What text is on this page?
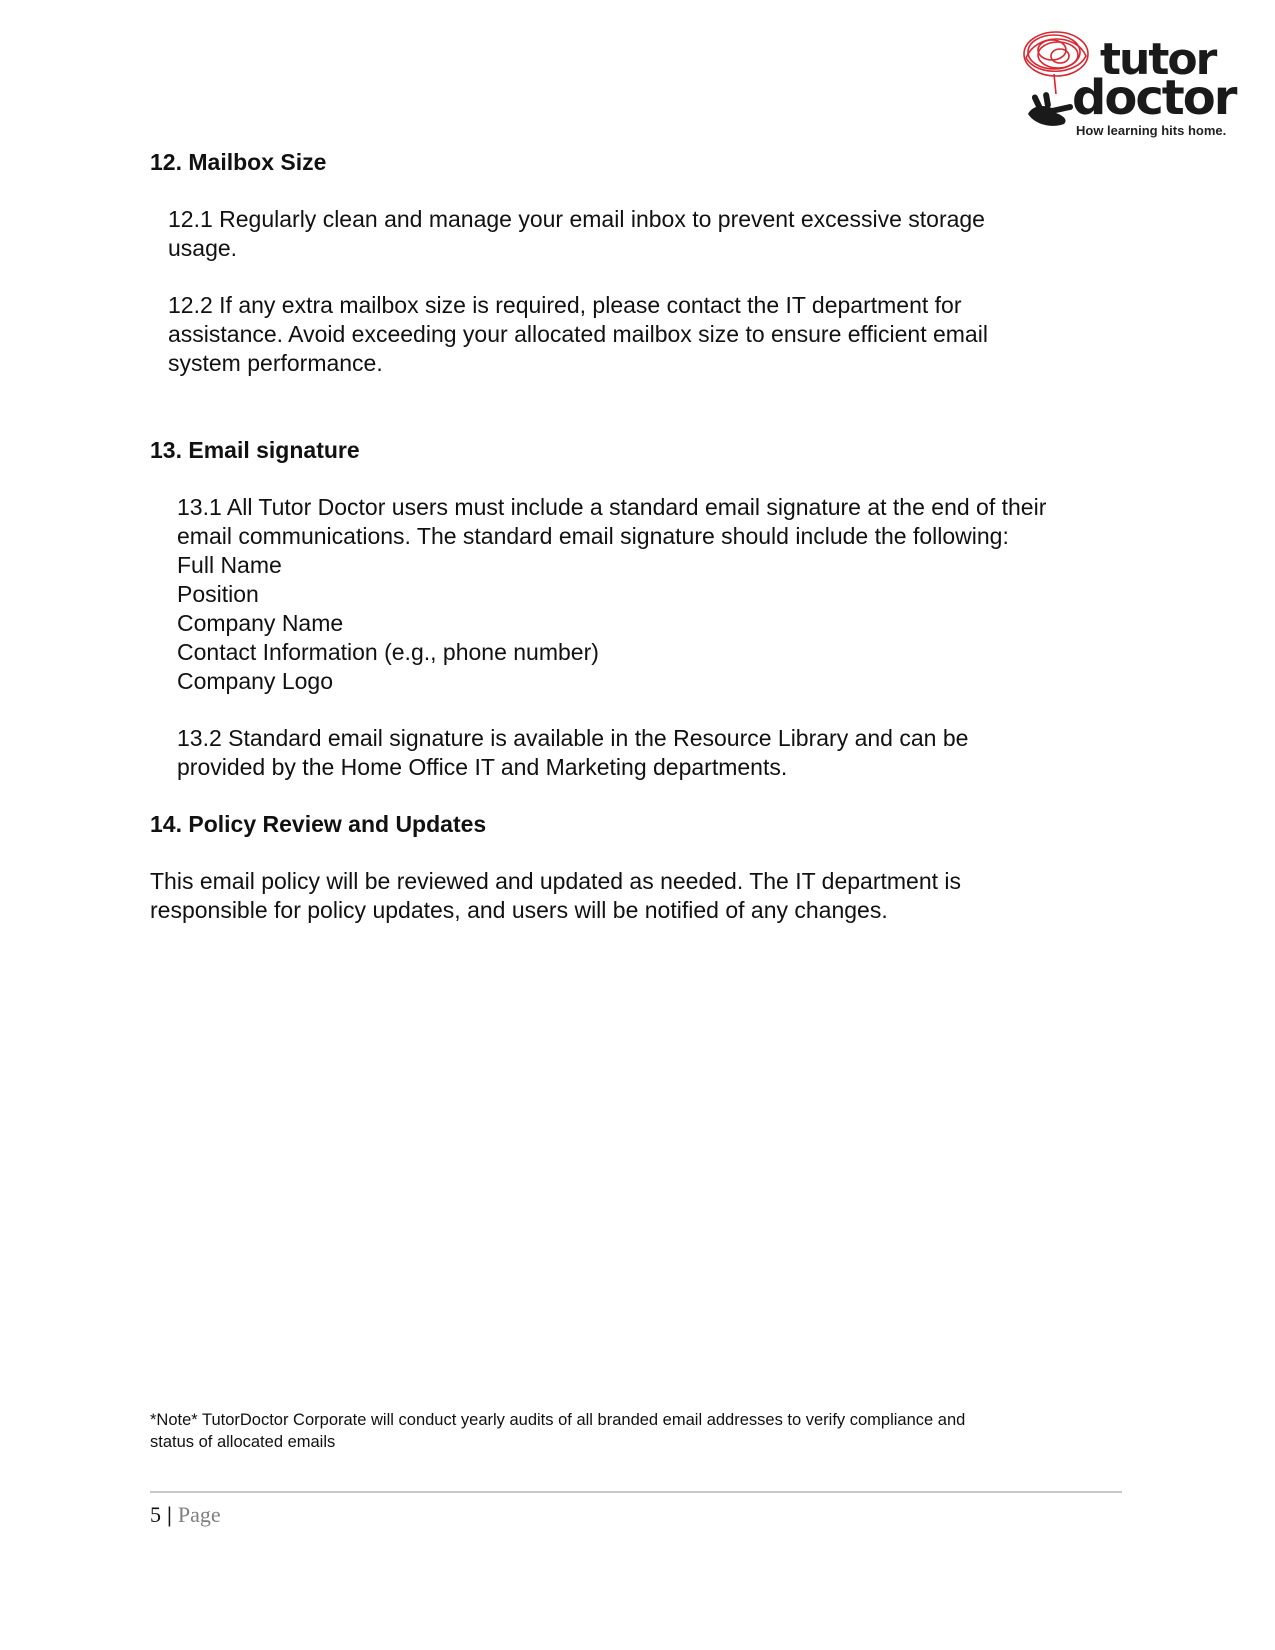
tutor
doctor
How learning hits home.
12. Mailbox Size
12.1 Regularly clean and manage your email inbox to prevent excessive storage
usage.
12.2 If any extra mailbox size is required, please contact the IT department for
assistance. Avoid exceeding your allocated mailbox size to ensure efficient email
system performance.
13. Email signature
13.1 All Tutor Doctor users must include a standard email signature at the end of their
email communications. The standard email signature should include the following:
Full Name
Position
Company Name
Contact Information (e.g., phone number)
Company Logo
13.2 Standard email signature is available in the Resource Library and can be
provided by the Home Office IT and Marketing departments.
14. Policy Review and Updates
This email policy will be reviewed and updated as needed. The IT department is
responsible for policy updates, and users will be notified of any changes.
*Note* TutorDoctor Corporate will conduct yearly audits of all branded email addresses to verify compliance and
status of allocated emails
5 | Page
